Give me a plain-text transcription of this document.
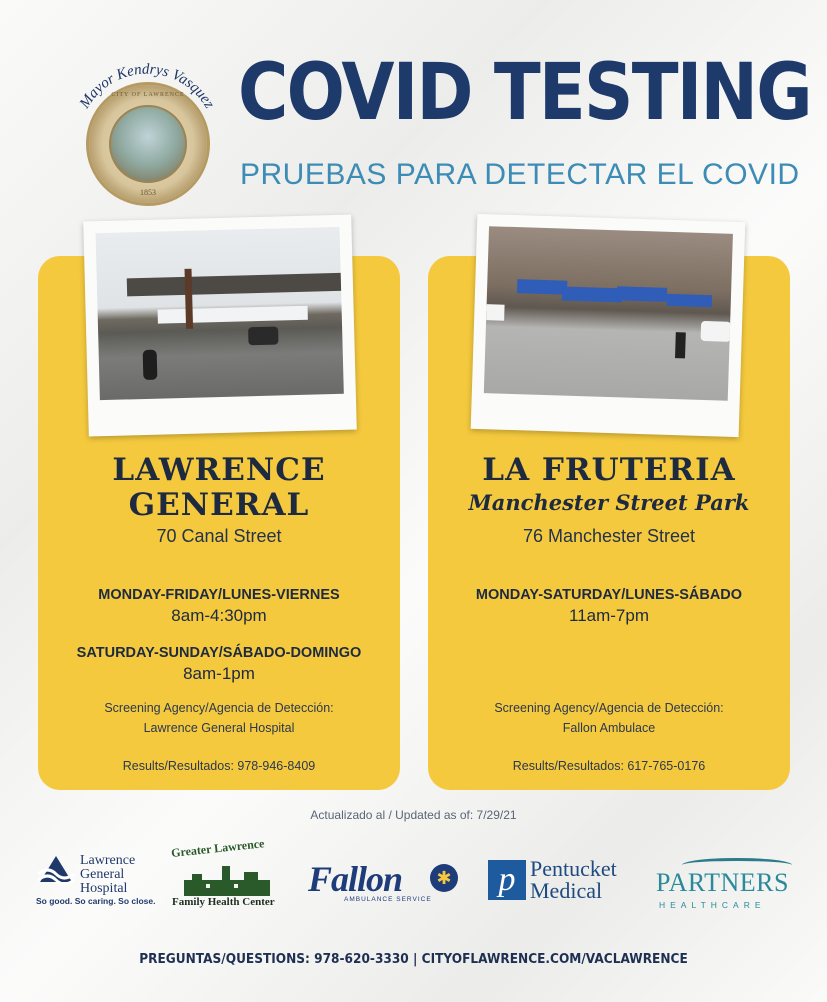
Mayor Kendrys Vasquez
CITY OF LAWRENCE
1853
COVID TESTING
PRUEBAS PARA DETECTAR EL COVID
LAWRENCE
GENERAL
70 Canal Street
MONDAY-FRIDAY/LUNES-VIERNES
8am-4:30pm
SATURDAY-SUNDAY/SÁBADO-DOMINGO
8am-1pm
Screening Agency/Agencia de Detección:
Lawrence General Hospital
Results/Resultados: 978-946-8409
LA FRUTERIA
Manchester Street Park
76 Manchester Street
MONDAY-SATURDAY/LUNES-SÁBADO
11am-7pm
Screening Agency/Agencia de Detección:
Fallon Ambulace
Results/Resultados: 617-765-0176
Actualizado al / Updated as of: 7/29/21
Lawrence
General
Hospital
So good. So caring. So close.
Greater Lawrence
Family Health Center
Fallon	✱
AMBULANCE SERVICE
p Pentucket
Medical	PARTNERS
HEALTHCARE
PREGUNTAS/QUESTIONS: 978-620-3330 | CITYOFLAWRENCE.COM/VACLAWRENCE
